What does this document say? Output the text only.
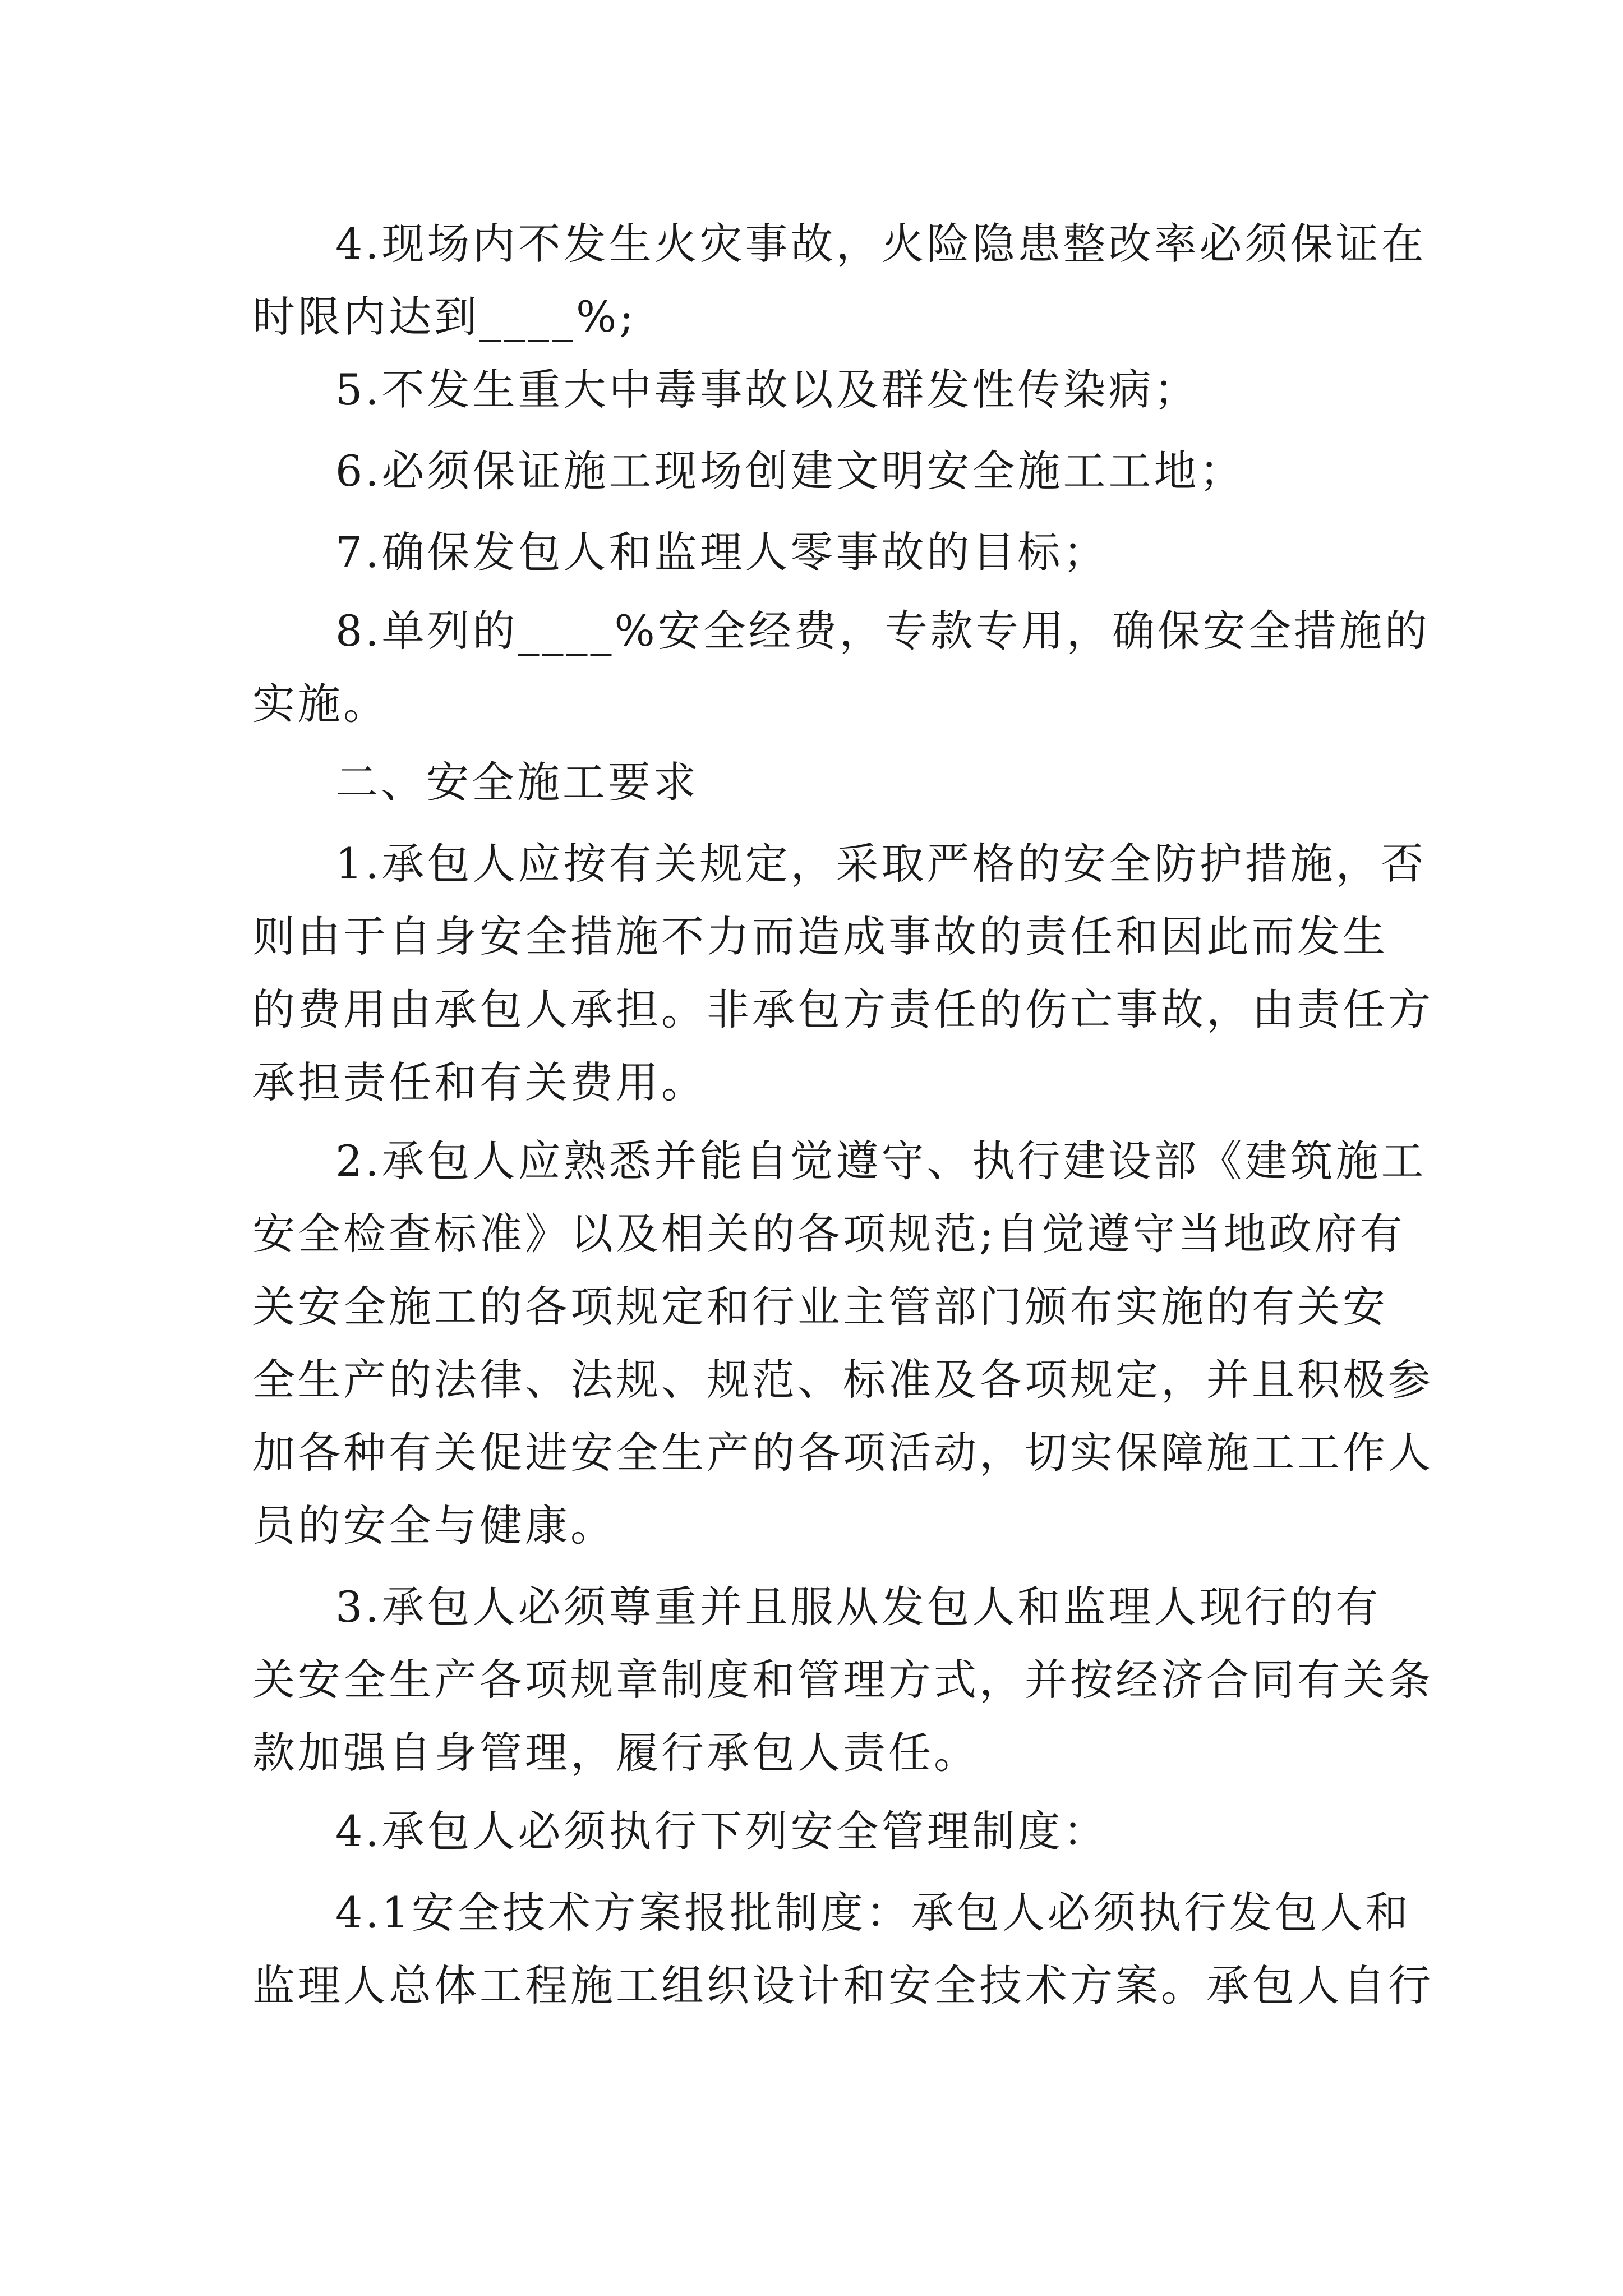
4.现场内不发生火灾事故，火险隐患整改率必须保证在
时限内达到____%;
5.不发生重大中毒事故以及群发性传染病；
6.必须保证施工现场创建文明安全施工工地；
7.确保发包人和监理人零事故的目标；
8.单列的____%安全经费，专款专用，确保安全措施的
实施。
二、安全施工要求
1.承包人应按有关规定，采取严格的安全防护措施，否
则由于自身安全措施不力而造成事故的责任和因此而发生
的费用由承包人承担。非承包方责任的伤亡事故，由责任方
承担责任和有关费用。
2.承包人应熟悉并能自觉遵守、执行建设部《建筑施工
安全检查标准》以及相关的各项规范;自觉遵守当地政府有
关安全施工的各项规定和行业主管部门颁布实施的有关安
全生产的法律、法规、规范、标准及各项规定，并且积极参
加各种有关促进安全生产的各项活动，切实保障施工工作人
员的安全与健康。
3.承包人必须尊重并且服从发包人和监理人现行的有
关安全生产各项规章制度和管理方式，并按经济合同有关条
款加强自身管理，履行承包人责任。
4.承包人必须执行下列安全管理制度：
4.1安全技术方案报批制度：承包人必须执行发包人和
监理人总体工程施工组织设计和安全技术方案。承包人自行
